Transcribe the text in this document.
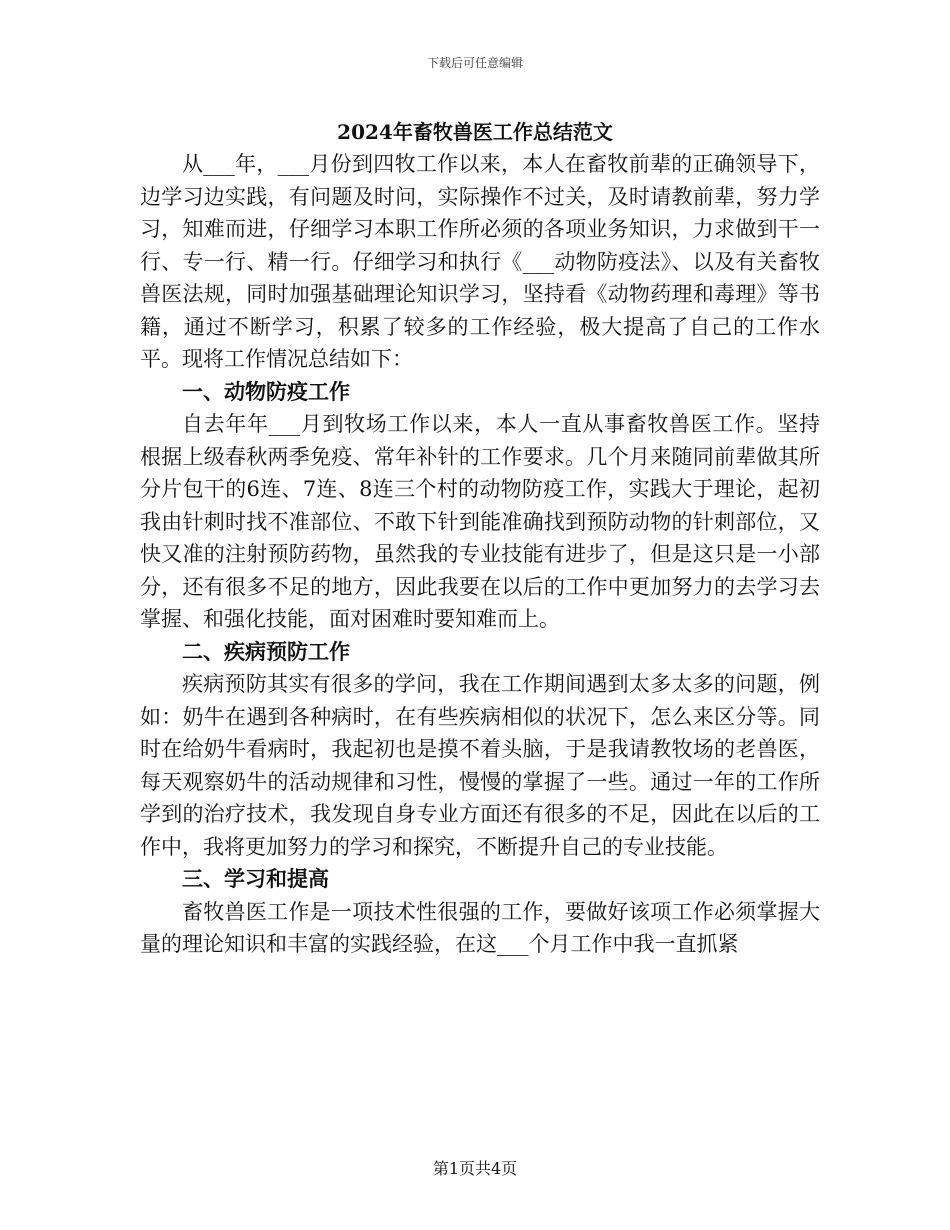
下载后可任意编辑
2024年畜牧兽医工作总结范文

从___年，___月份到四牧工作以来，本人在畜牧前辈的正确领导下，边学习边实践，有问题及时问，实际操作不过关，及时请教前辈，努力学习，知难而进，仔细学习本职工作所必须的各项业务知识，力求做到干一行、专一行、精一行。仔细学习和执行《___动物防疫法》、以及有关畜牧兽医法规，同时加强基础理论知识学习，坚持看《动物药理和毒理》等书籍，通过不断学习，积累了较多的工作经验，极大提高了自己的工作水平。现将工作情况总结如下：

一、动物防疫工作

自去年年___月到牧场工作以来，本人一直从事畜牧兽医工作。坚持根据上级春秋两季免疫、常年补针的工作要求。几个月来随同前辈做其所分片包干的6连、7连、8连三个村的动物防疫工作，实践大于理论，起初我由针刺时找不准部位、不敢下针到能准确找到预防动物的针刺部位，又快又准的注射预防药物，虽然我的专业技能有进步了，但是这只是一小部分，还有很多不足的地方，因此我要在以后的工作中更加努力的去学习去掌握、和强化技能，面对困难时要知难而上。

二、疾病预防工作

疾病预防其实有很多的学问，我在工作期间遇到太多太多的问题，例如：奶牛在遇到各种病时，在有些疾病相似的状况下，怎么来区分等。同时在给奶牛看病时，我起初也是摸不着头脑，于是我请教牧场的老兽医，每天观察奶牛的活动规律和习性，慢慢的掌握了一些。通过一年的工作所学到的治疗技术，我发现自身专业方面还有很多的不足，因此在以后的工作中，我将更加努力的学习和探究，不断提升自己的专业技能。

三、学习和提高

畜牧兽医工作是一项技术性很强的工作，要做好该项工作必须掌握大量的理论知识和丰富的实践经验，在这___个月工作中我一直抓紧

第1页共4页
